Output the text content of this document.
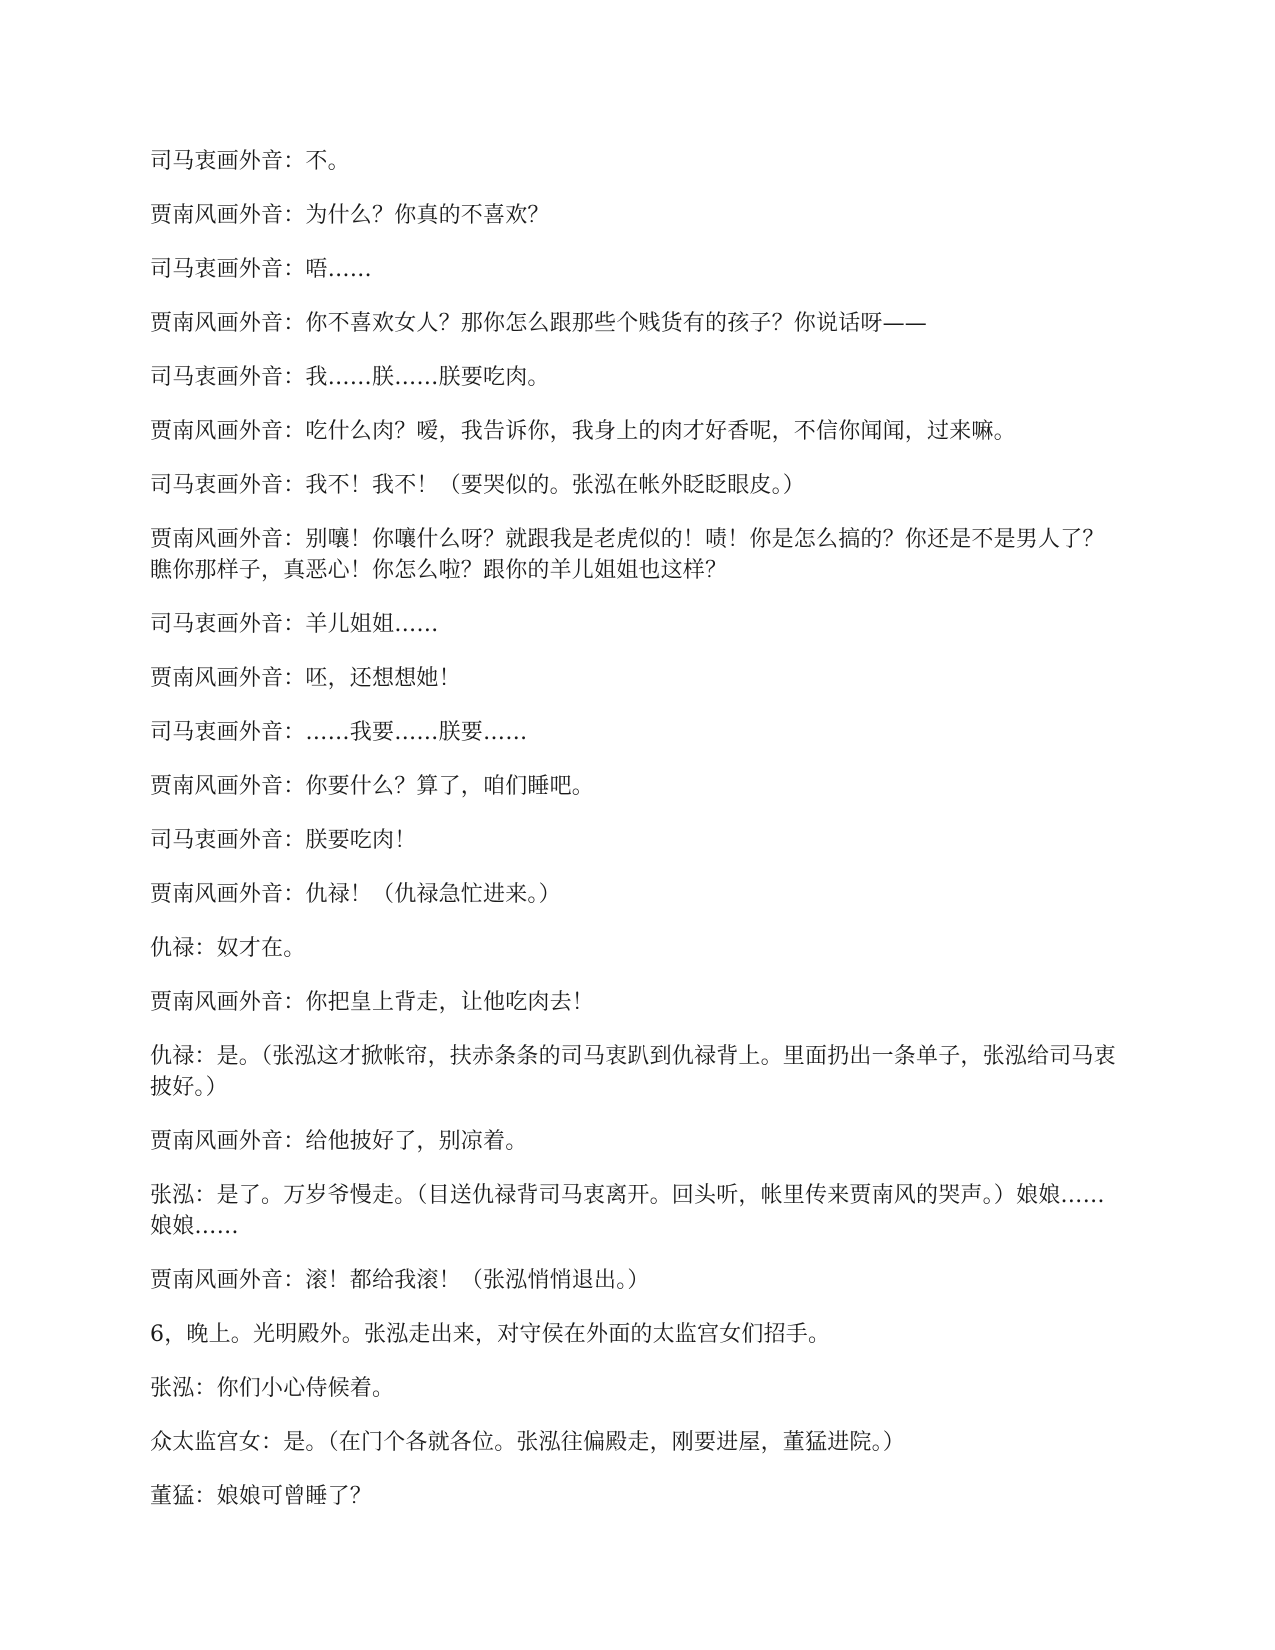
司马衷画外音：不。

贾南风画外音：为什么？你真的不喜欢？

司马衷画外音：唔……

贾南风画外音：你不喜欢女人？那你怎么跟那些个贱货有的孩子？你说话呀——

司马衷画外音：我……朕……朕要吃肉。

贾南风画外音：吃什么肉？嗳，我告诉你，我身上的肉才好香呢，不信你闻闻，过来嘛。

司马衷画外音：我不！我不！（要哭似的。张泓在帐外眨眨眼皮。）

贾南风画外音：别嚷！你嚷什么呀？就跟我是老虎似的！啧！你是怎么搞的？你还是不是男人了？瞧你那样子，真恶心！你怎么啦？跟你的羊儿姐姐也这样？

司马衷画外音：羊儿姐姐……

贾南风画外音：呸，还想想她！

司马衷画外音：……我要……朕要……

贾南风画外音：你要什么？算了，咱们睡吧。

司马衷画外音：朕要吃肉！

贾南风画外音：仇禄！（仇禄急忙进来。）

仇禄：奴才在。

贾南风画外音：你把皇上背走，让他吃肉去！

仇禄：是。（张泓这才掀帐帘，扶赤条条的司马衷趴到仇禄背上。里面扔出一条单子，张泓给司马衷披好。）

贾南风画外音：给他披好了，别凉着。

张泓：是了。万岁爷慢走。（目送仇禄背司马衷离开。回头听，帐里传来贾南风的哭声。）娘娘……娘娘……

贾南风画外音：滚！都给我滚！（张泓悄悄退出。）

6，晚上。光明殿外。张泓走出来，对守侯在外面的太监宫女们招手。

张泓：你们小心侍候着。

众太监宫女：是。（在门个各就各位。张泓往偏殿走，刚要进屋，董猛进院。）

董猛：娘娘可曾睡了？
